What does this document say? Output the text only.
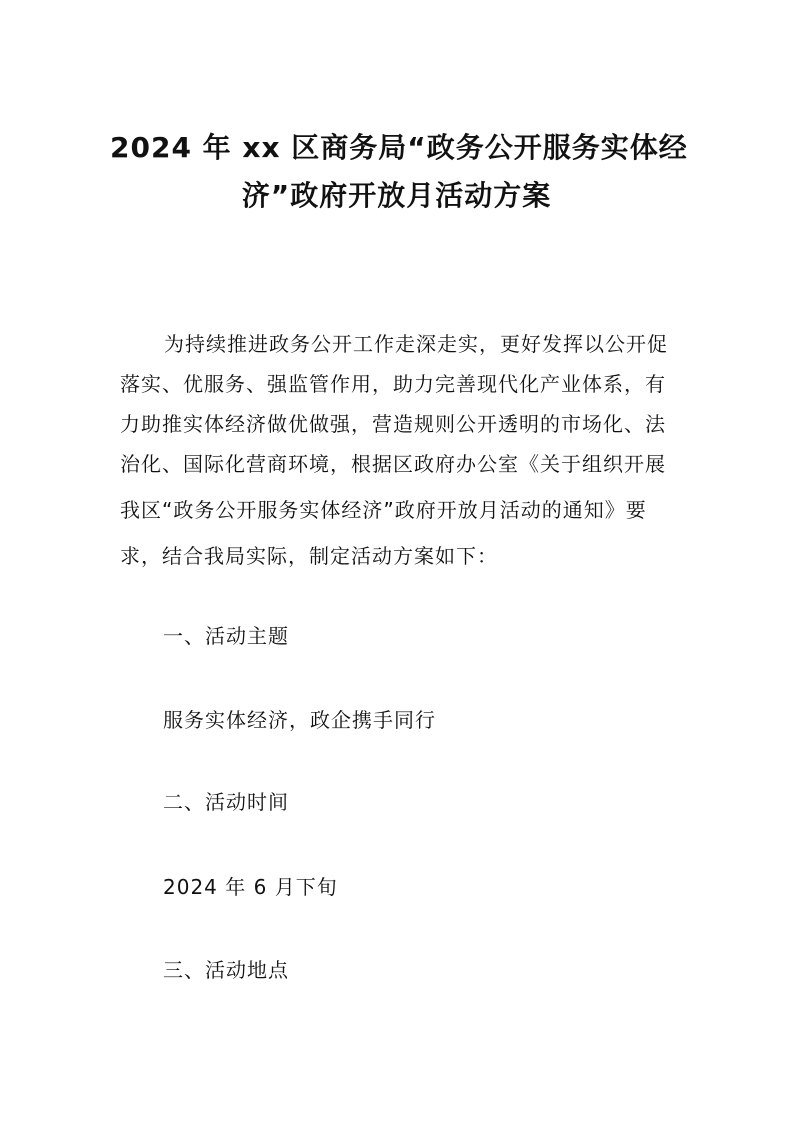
2024 年 xx 区商务局“政务公开服务实体经
济”政府开放月活动方案
为持续推进政务公开工作走深走实，更好发挥以公开促
落实、优服务、强监管作用，助力完善现代化产业体系，有
力助推实体经济做优做强，营造规则公开透明的市场化、法
治化、国际化营商环境，根据区政府办公室《关于组织开展
我区“政务公开服务实体经济”政府开放月活动的通知》要
求，结合我局实际，制定活动方案如下：
一、活动主题
服务实体经济，政企携手同行
二、活动时间
2024 年 6 月下旬
三、活动地点
